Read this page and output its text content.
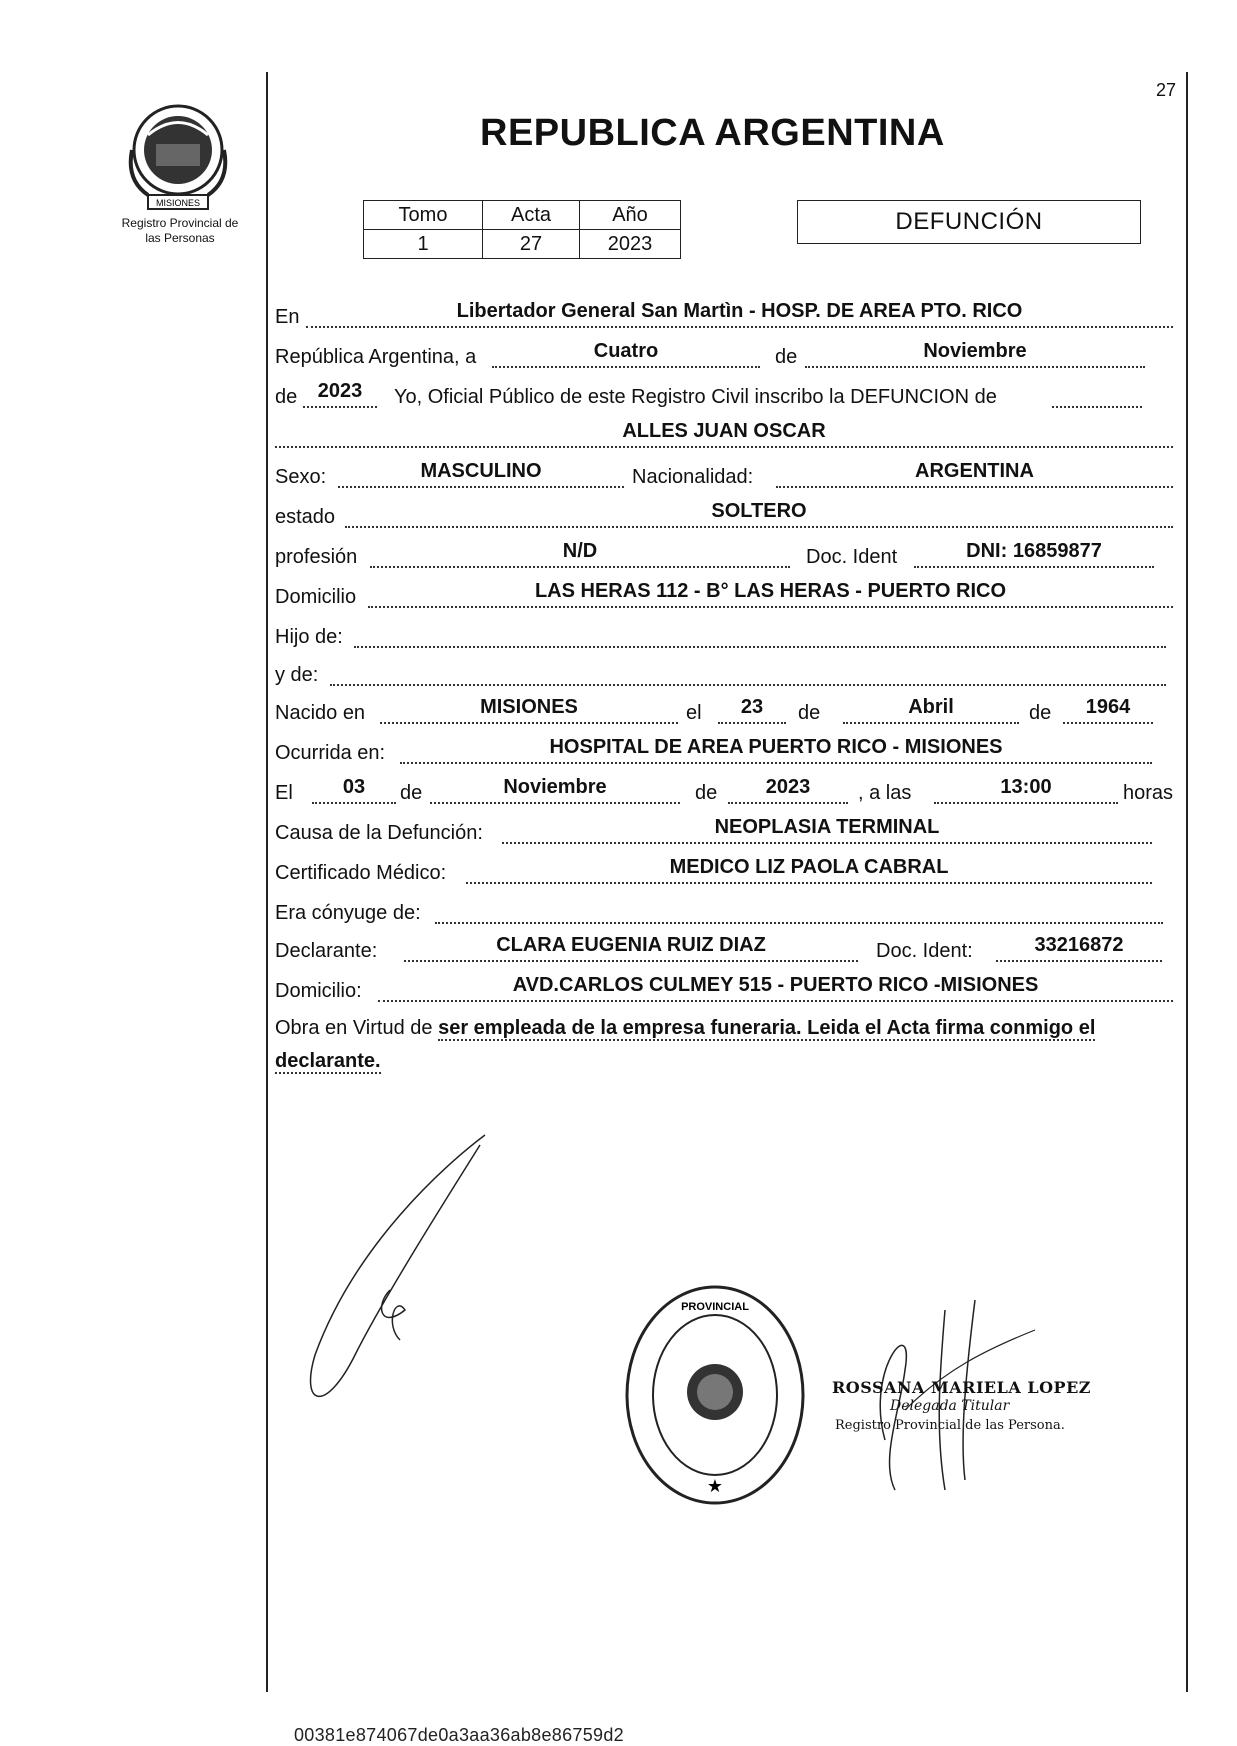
MISIONES
Registro Provincial de
las Personas
27
REPUBLICA ARGENTINA
Tomo	Acta	Año
1	27	2023
DEFUNCIÓN
En	Libertador General San Martìn - HOSP. DE AREA PTO. RICO
República Argentina, a	Cuatro	de	Noviembre
de	2023	Yo, Oficial Público de este Registro Civil inscribo la DEFUNCION de
ALLES JUAN OSCAR
Sexo:	MASCULINO	Nacionalidad:	ARGENTINA
estado	SOLTERO
profesión	N/D	Doc. Ident	DNI: 16859877
Domicilio	LAS HERAS 112 - B° LAS HERAS - PUERTO RICO
Hijo de:
y de:
Nacido en	MISIONES	el	23	de	Abril	de	1964
Ocurrida en:	HOSPITAL DE AREA PUERTO RICO - MISIONES
El	03	de	Noviembre	de	2023	, a las	13:00	horas
Causa de la Defunción:	NEOPLASIA TERMINAL
Certificado Médico:	MEDICO LIZ PAOLA CABRAL
Era cónyuge de:
Declarante:	CLARA EUGENIA RUIZ DIAZ	Doc. Ident:	33216872
Domicilio:	AVD.CARLOS CULMEY 515 - PUERTO RICO -MISIONES
Obra en Virtud de ser empleada de la empresa funeraria. Leida el Acta firma conmigo el declarante.
PROVINCIAL
★
ROSSANA MARIELA LOPEZ
Delegada Titular
Registro Provincial de las Persona.
00381e874067de0a3aa36ab8e86759d2
